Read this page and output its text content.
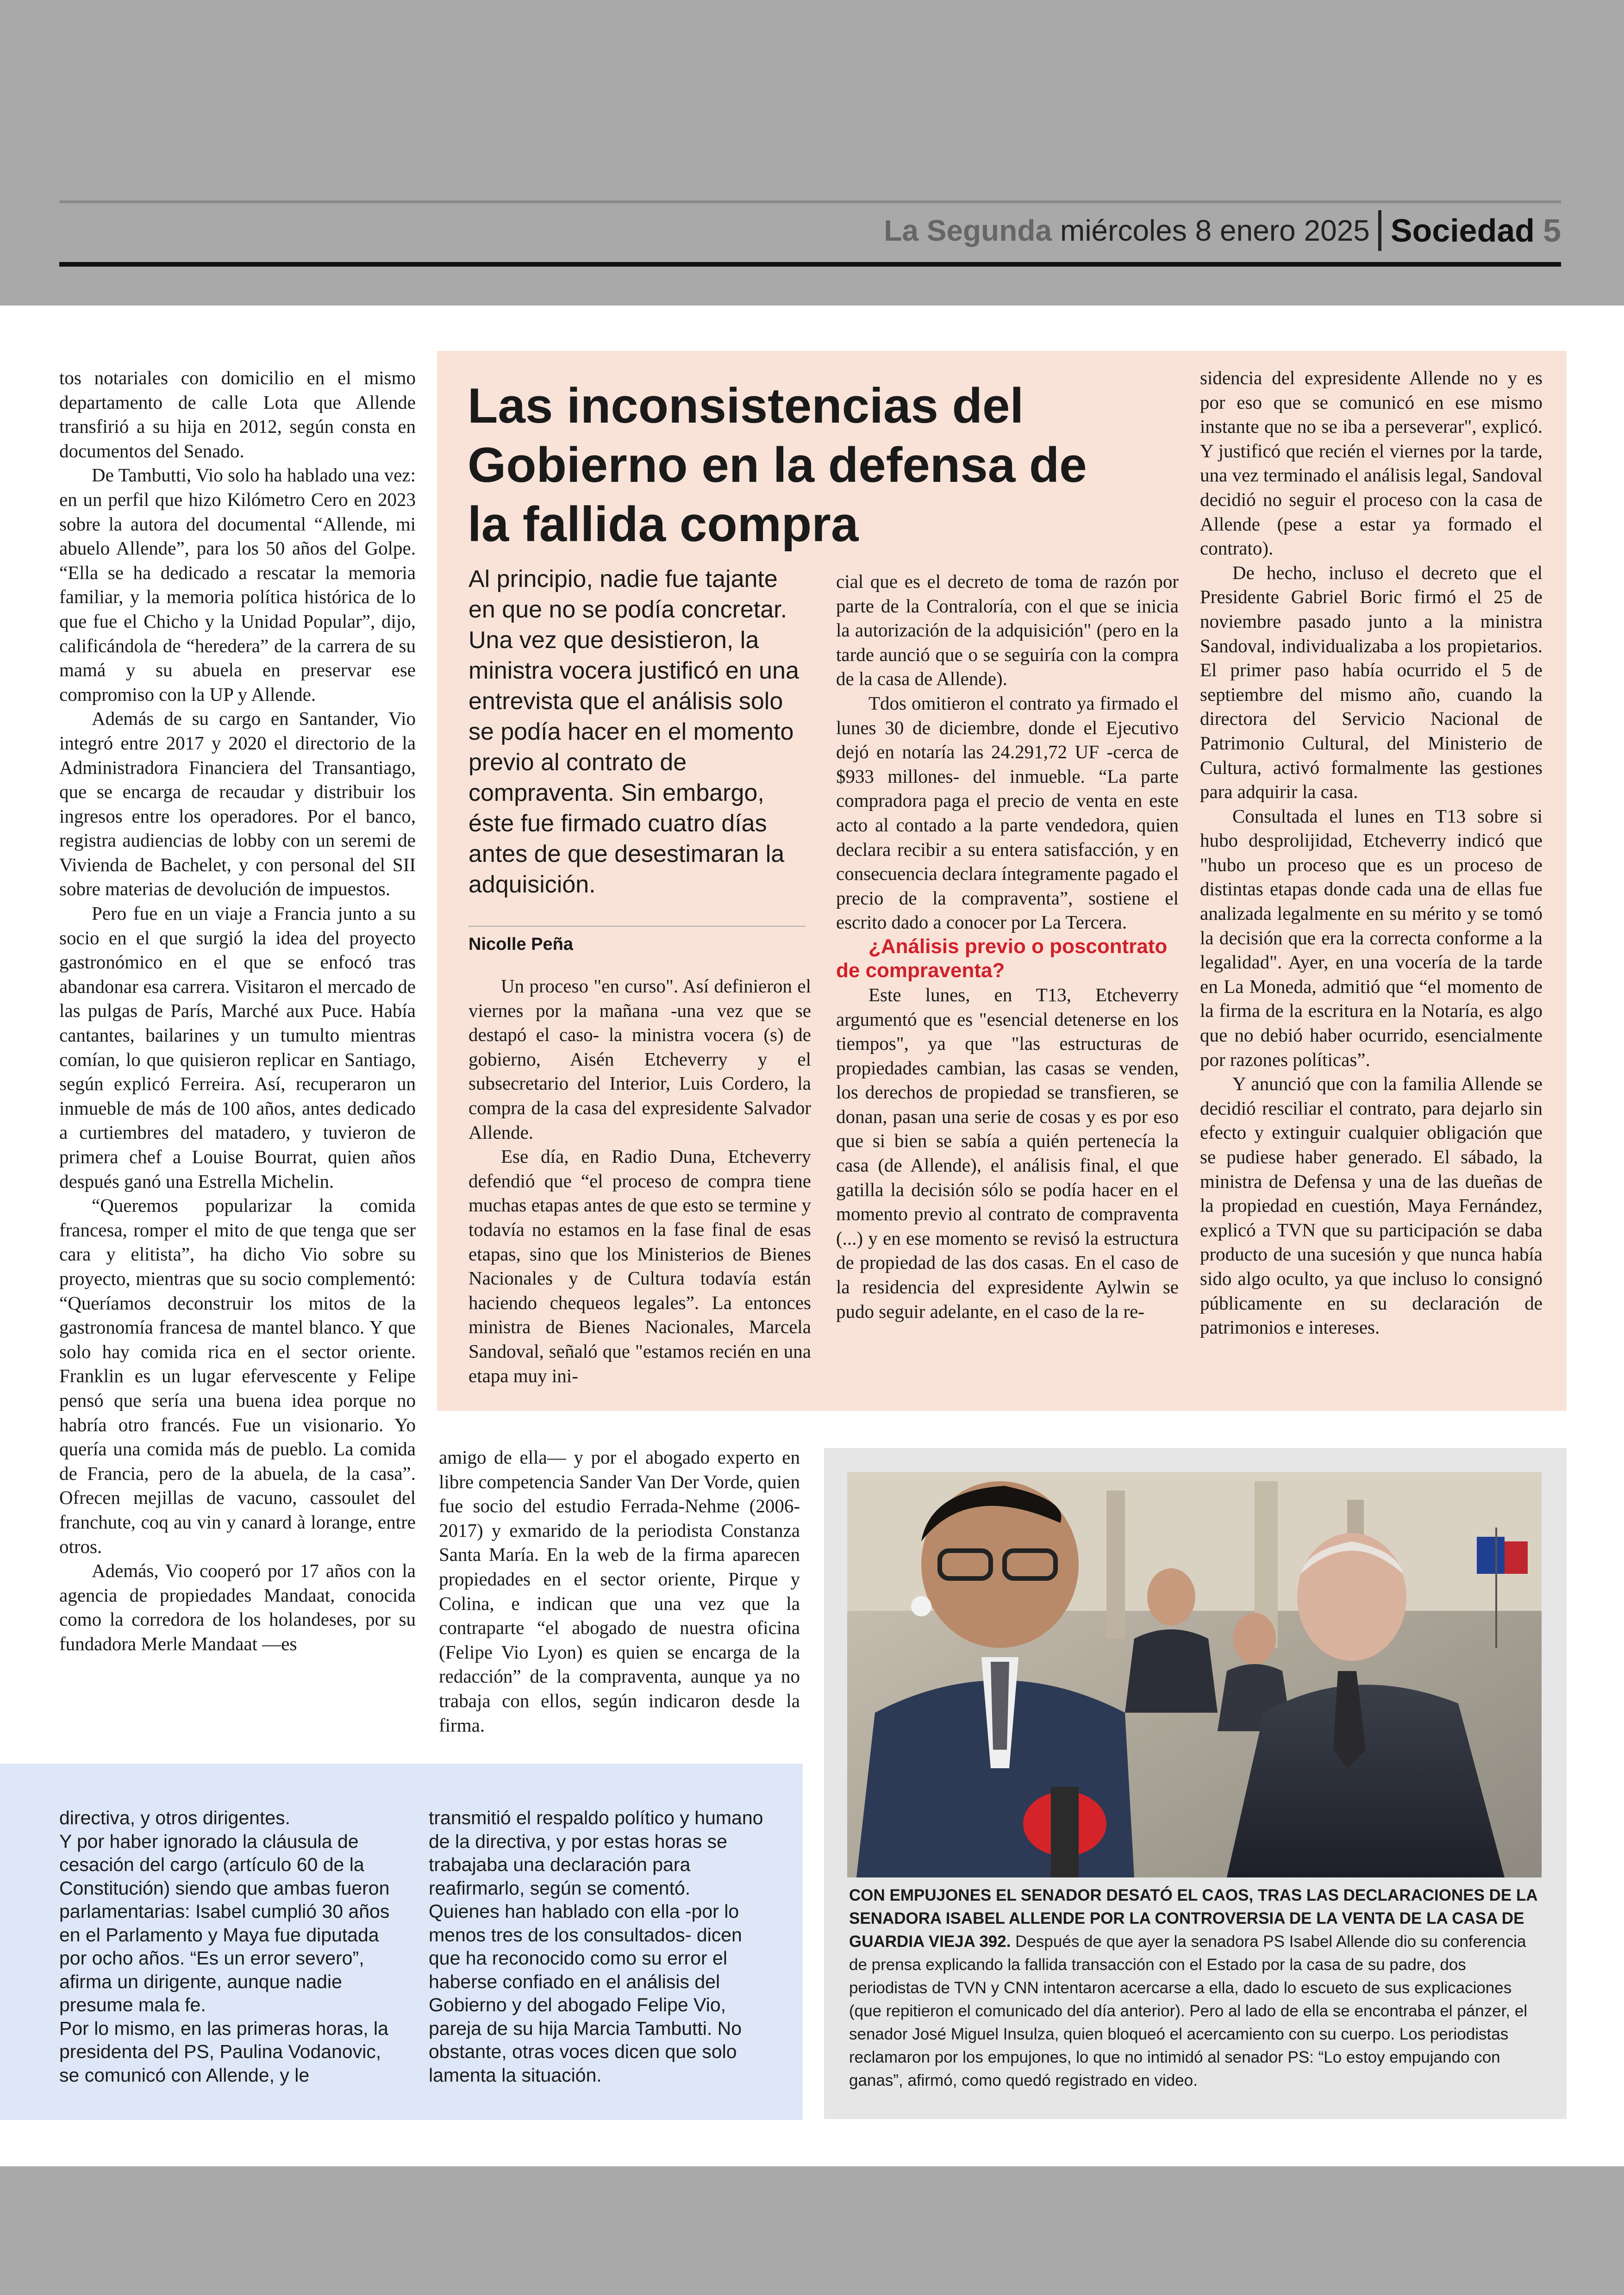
La Segunda miércoles 8 enero 2025 Sociedad 5

tos notariales con domicilio en el mismo departamento de calle Lota que Allende transfirió a su hija en 2012, según consta en documentos del Senado.

De Tambutti, Vio solo ha hablado una vez: en un perfil que hizo Kilómetro Cero en 2023 sobre la autora del documental “Allende, mi abuelo Allende”, para los 50 años del Golpe. “Ella se ha dedicado a rescatar la memoria familiar, y la memoria política histórica de lo que fue el Chicho y la Unidad Popular”, dijo, calificándola de “heredera” de la carrera de su mamá y su abuela en preservar ese compromiso con la UP y Allende.

Además de su cargo en Santander, Vio integró entre 2017 y 2020 el directorio de la Administradora Financiera del Transantiago, que se encarga de recaudar y distribuir los ingresos entre los operadores. Por el banco, registra audiencias de lobby con un seremi de Vivienda de Bachelet, y con personal del SII sobre materias de devolución de impuestos.

Pero fue en un viaje a Francia junto a su socio en el que surgió la idea del proyecto gastronómico en el que se enfocó tras abandonar esa carrera. Visitaron el mercado de las pulgas de París, Marché aux Puce. Había cantantes, bailarines y un tumulto mientras comían, lo que quisieron replicar en Santiago, según explicó Ferreira. Así, recuperaron un inmueble de más de 100 años, antes dedicado a curtiembres del matadero, y tuvieron de primera chef a Louise Bourrat, quien años después ganó una Estrella Michelin.

“Queremos popularizar la comida francesa, romper el mito de que tenga que ser cara y elitista”, ha dicho Vio sobre su proyecto, mientras que su socio complementó: “Queríamos deconstruir los mitos de la gastronomía francesa de mantel blanco. Y que solo hay comida rica en el sector oriente. Franklin es un lugar efervescente y Felipe pensó que sería una buena idea porque no habría otro francés. Fue un visionario. Yo quería una comida más de pueblo. La comida de Francia, pero de la abuela, de la casa”. Ofrecen mejillas de vacuno, cassoulet del franchute, coq au vin y canard à lorange, entre otros.

Además, Vio cooperó por 17 años con la agencia de propiedades Mandaat, conocida como la corredora de los holandeses, por su fundadora Merle Mandaat —es

Las inconsistencias del Gobierno en la defensa de la fallida compra
Al principio, nadie fue tajante en que no se podía concretar. Una vez que desistieron, la ministra vocera justificó en una entrevista que el análisis solo se podía hacer en el momento previo al contrato de compraventa. Sin embargo, éste fue firmado cuatro días antes de que desestimaran la adquisición.
Nicolle Peña

Un proceso "en curso". Así definieron el viernes por la mañana -una vez que se destapó el caso- la ministra vocera (s) de gobierno, Aisén Etcheverry y el subsecretario del Interior, Luis Cordero, la compra de la casa del expresidente Salvador Allende.

Ese día, en Radio Duna, Etcheverry defendió que “el proceso de compra tiene muchas etapas antes de que esto se termine y todavía no estamos en la fase final de esas etapas, sino que los Ministerios de Bienes Nacionales y de Cultura todavía están haciendo chequeos legales”. La entonces ministra de Bienes Nacionales, Marcela Sandoval, señaló que "estamos recién en una etapa muy ini-

cial que es el decreto de toma de razón por parte de la Contraloría, con el que se inicia la autorización de la adquisición" (pero en la tarde aunció que o se seguiría con la compra de la casa de Allende).

Tdos omitieron el contrato ya firmado el lunes 30 de diciembre, donde el Ejecutivo dejó en notaría las 24.291,72 UF -cerca de $933 millones- del inmueble. “La parte compradora paga el precio de venta en este acto al contado a la parte vendedora, quien declara recibir a su entera satisfacción, y en consecuencia declara íntegramente pagado el precio de la compraventa”, sostiene el escrito dado a conocer por La Tercera.

¿Análisis previo o poscontrato de compraventa?

Este lunes, en T13, Etcheverry argumentó que es "esencial detenerse en los tiempos", ya que "las estructuras de propiedades cambian, las casas se venden, los derechos de propiedad se transfieren, se donan, pasan una serie de cosas y es por eso que si bien se sabía a quién pertenecía la casa (de Allende), el análisis final, el que gatilla la decisión sólo se podía hacer en el momento previo al contrato de compraventa (...) y en ese momento se revisó la estructura de propiedad de las dos casas. En el caso de la residencia del expresidente Aylwin se pudo seguir adelante, en el caso de la re-

sidencia del expresidente Allende no y es por eso que se comunicó en ese mismo instante que no se iba a perseverar", explicó. Y justificó que recién el viernes por la tarde, una vez terminado el análisis legal, Sandoval decidió no seguir el proceso con la casa de Allende (pese a estar ya formado el contrato).

De hecho, incluso el decreto que el Presidente Gabriel Boric firmó el 25 de noviembre pasado junto a la ministra Sandoval, individualizaba a los propietarios. El primer paso había ocurrido el 5 de septiembre del mismo año, cuando la directora del Servicio Nacional de Patrimonio Cultural, del Ministerio de Cultura, activó formalmente las gestiones para adquirir la casa.

Consultada el lunes en T13 sobre si hubo desprolijidad, Etcheverry indicó que "hubo un proceso que es un proceso de distintas etapas donde cada una de ellas fue analizada legalmente en su mérito y se tomó la decisión que era la correcta conforme a la legalidad". Ayer, en una vocería de la tarde en La Moneda, admitió que “el momento de la firma de la escritura en la Notaría, es algo que no debió haber ocurrido, esencialmente por razones políticas”.

Y anunció que con la familia Allende se decidió resciliar el contrato, para dejarlo sin efecto y extinguir cualquier obligación que se pudiese haber generado. El sábado, la ministra de Defensa y una de las dueñas de la propiedad en cuestión, Maya Fernández, explicó a TVN que su participación se daba producto de una sucesión y que nunca había sido algo oculto, ya que incluso lo consignó públicamente en su declaración de patrimonios e intereses.

amigo de ella— y por el abogado experto en libre competencia Sander Van Der Vorde, quien fue socio del estudio Ferrada-Nehme (2006-2017) y exmarido de la periodista Constanza Santa María. En la web de la firma aparecen propiedades en el sector oriente, Pirque y Colina, e indican que una vez que la contraparte “el abogado de nuestra oficina (Felipe Vio Lyon) es quien se encarga de la redacción” de la compraventa, aunque ya no trabaja con ellos, según indicaron desde la firma.

directiva, y otros dirigentes.

Y por haber ignorado la cláusula de cesación del cargo (artículo 60 de la Constitución) siendo que ambas fueron parlamentarias: Isabel cumplió 30 años en el Parlamento y Maya fue diputada por ocho años. “Es un error severo”, afirma un dirigente, aunque nadie presume mala fe.

Por lo mismo, en las primeras horas, la presidenta del PS, Paulina Vodanovic, se comunicó con Allende, y le

transmitió el respaldo político y humano de la directiva, y por estas horas se trabajaba una declaración para reafirmarlo, según se comentó.

Quienes han hablado con ella -por lo menos tres de los consultados- dicen que ha reconocido como su error el haberse confiado en el análisis del Gobierno y del abogado Felipe Vio, pareja de su hija Marcia Tambutti. No obstante, otras voces dicen que solo lamenta la situación.

CON EMPUJONES EL SENADOR DESATÓ EL CAOS, TRAS LAS DECLARACIONES DE LA SENADORA ISABEL ALLENDE POR LA CONTROVERSIA DE LA VENTA DE LA CASA DE GUARDIA VIEJA 392. Después de que ayer la senadora PS Isabel Allende dio su conferencia de prensa explicando la fallida transacción con el Estado por la casa de su padre, dos periodistas de TVN y CNN intentaron acercarse a ella, dado lo escueto de sus explicaciones (que repitieron el comunicado del día anterior). Pero al lado de ella se encontraba el pánzer, el senador José Miguel Insulza, quien bloqueó el acercamiento con su cuerpo. Los periodistas reclamaron por los empujones, lo que no intimidó al senador PS: “Lo estoy empujando con ganas”, afirmó, como quedó registrado en video.
